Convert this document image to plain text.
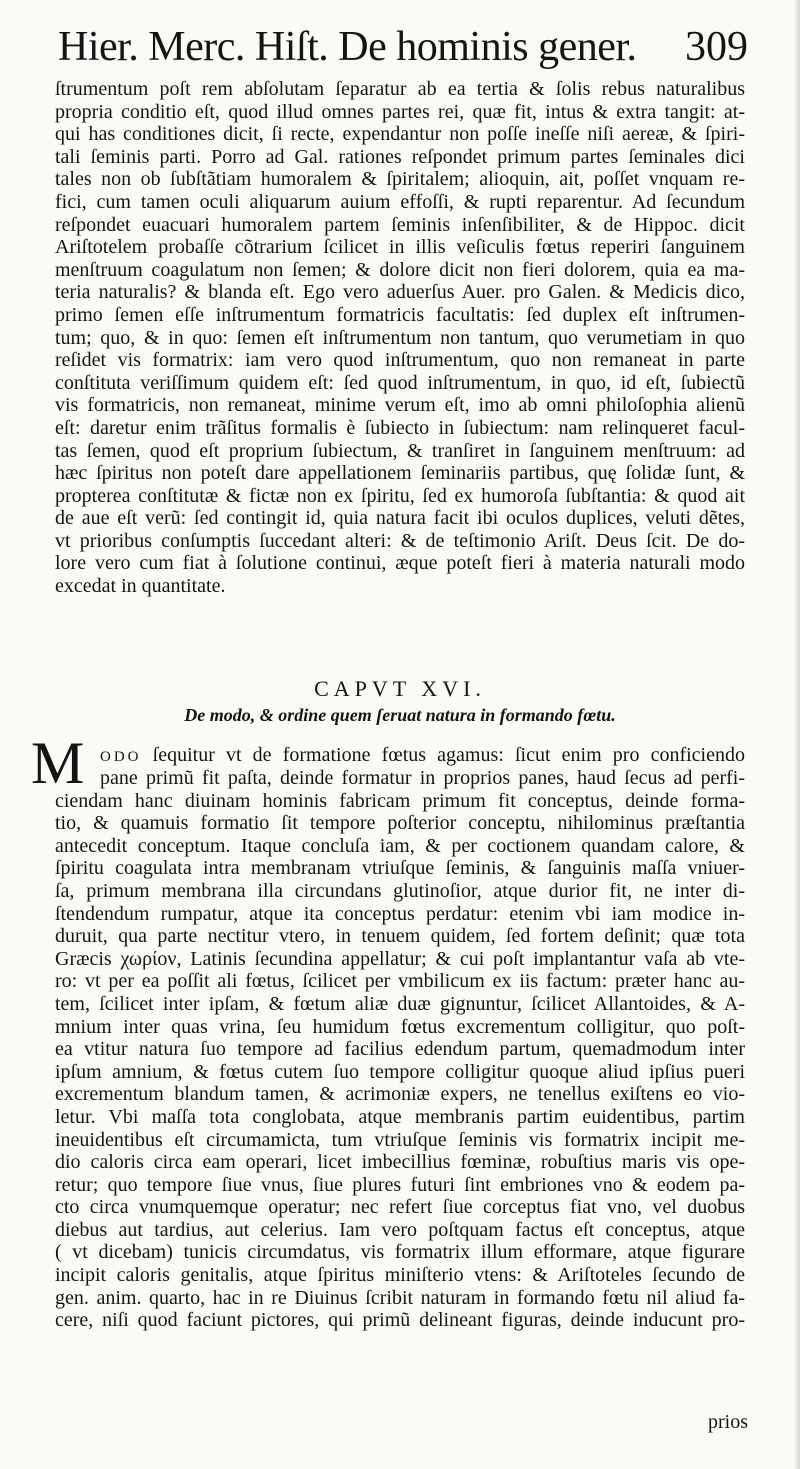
Hier. Merc. Hiſt. De hominis gener. 309
ſtrumentum poſt rem abſolutam ſeparatur ab ea tertia & ſolis rebus naturalibus
propria conditio eſt, quod illud omnes partes rei, quæ fit, intus & extra tangit: at-
qui has conditiones dicit, ſi recte, expendantur non poſſe ineſſe niſi aereæ, & ſpiri-
tali ſeminis parti. Porro ad Gal. rationes reſpondet primum partes ſeminales dici
tales non ob ſubſtãtiam humoralem & ſpiritalem; alioquin, ait, poſſet vnquam re-
fici, cum tamen oculi aliquarum auium effoſſi, & rupti reparentur. Ad ſecundum
reſpondet euacuari humoralem partem ſeminis inſenſibiliter, & de Hippoc. dicit
Ariſtotelem probaſſe cõtrarium ſcilicet in illis veſiculis fœtus reperiri ſanguinem
menſtruum coagulatum non ſemen; & dolore dicit non fieri dolorem, quia ea ma-
teria naturalis? & blanda eſt. Ego vero aduerſus Auer. pro Galen. & Medicis dico,
primo ſemen eſſe inſtrumentum formatricis facultatis: ſed duplex eſt inſtrumen-
tum; quo, & in quo: ſemen eſt inſtrumentum non tantum, quo verumetiam in quo
reſidet vis formatrix: iam vero quod inſtrumentum, quo non remaneat in parte
conſtituta veriſſimum quidem eſt: ſed quod inſtrumentum, in quo, id eſt, ſubiectũ
vis formatricis, non remaneat, minime verum eſt, imo ab omni philoſophia alienũ
eſt: daretur enim trãſitus formalis è ſubiecto in ſubiectum: nam relinqueret facul-
tas ſemen, quod eſt proprium ſubiectum, & tranſiret in ſanguinem menſtruum: ad
hæc ſpiritus non poteſt dare appellationem ſeminariis partibus, quę ſolidæ ſunt, &
propterea conſtitutæ & fictæ non ex ſpiritu, ſed ex humoroſa ſubſtantia: & quod ait
de aue eſt verũ: ſed contingit id, quia natura facit ibi oculos duplices, veluti dẽtes,
vt prioribus conſumptis ſuccedant alteri: & de teſtimonio Ariſt. Deus ſcit. De do-
lore vero cum fiat à ſolutione continui, æque poteſt fieri à materia naturali modo
excedat in quantitate.
CAPVT XVI.
De modo, & ordine quem ſeruat natura in formando fœtu.
M ODO ſequitur vt de formatione fœtus agamus: ſicut enim pro conficiendo
pane primũ fit paſta, deinde formatur in proprios panes, haud ſecus ad perfi-
ciendam hanc diuinam hominis fabricam primum fit conceptus, deinde forma-
tio, & quamuis formatio ſit tempore poſterior conceptu, nihilominus præſtantia
antecedit conceptum. Itaque concluſa iam, & per coctionem quandam calore, &
ſpiritu coagulata intra membranam vtriuſque ſeminis, & ſanguinis maſſa vniuer-
ſa, primum membrana illa circundans glutinoſior, atque durior fit, ne inter di-
ſtendendum rumpatur, atque ita conceptus perdatur: etenim vbi iam modice in-
duruit, qua parte nectitur vtero, in tenuem quidem, ſed fortem deſinit; quæ tota
Græcis χωρίον, Latinis ſecundina appellatur; & cui poſt implantantur vaſa ab vte-
ro: vt per ea poſſit ali fœtus, ſcilicet per vmbilicum ex iis factum: præter hanc au-
tem, ſcilicet inter ipſam, & fœtum aliæ duæ gignuntur, ſcilicet Allantoides, & A-
mnium inter quas vrina, ſeu humidum fœtus excrementum colligitur, quo poſt-
ea vtitur natura ſuo tempore ad facilius edendum partum, quemadmodum inter
ipſum amnium, & fœtus cutem ſuo tempore colligitur quoque aliud ipſius pueri
excrementum blandum tamen, & acrimoniæ expers, ne tenellus exiſtens eo vio-
letur. Vbi maſſa tota conglobata, atque membranis partim euidentibus, partim
ineuidentibus eſt circumamicta, tum vtriuſque ſeminis vis formatrix incipit me-
dio caloris circa eam operari, licet imbecillius fœminæ, robuſtius maris vis ope-
retur; quo tempore ſiue vnus, ſiue plures futuri ſint embriones vno & eodem pa-
cto circa vnumquemque operatur; nec refert ſiue corceptus fiat vno, vel duobus
diebus aut tardius, aut celerius. Iam vero poſtquam factus eſt conceptus, atque
( vt dicebam) tunicis circumdatus, vis formatrix illum efformare, atque figurare
incipit caloris genitalis, atque ſpiritus miniſterio vtens: & Ariſtoteles ſecundo de
gen. anim. quarto, hac in re Diuinus ſcribit naturam in formando fœtu nil aliud fa-
cere, niſi quod faciunt pictores, qui primũ delineant figuras, deinde inducunt pro-
prios
